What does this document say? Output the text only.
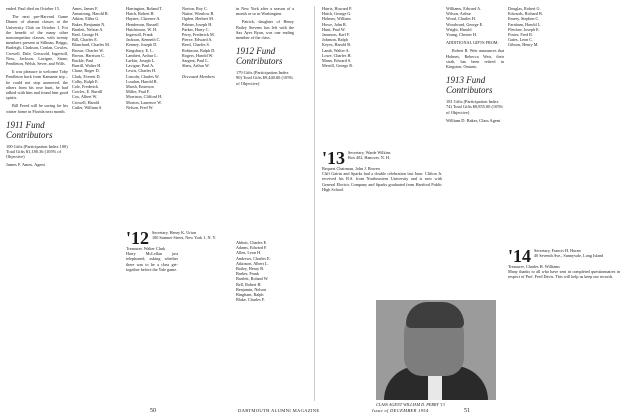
ended. Paul died on October 15.

The next pre-Harvard Game Dinner of alumni classes at the University Club on October 1. For the benefit of the many other noncompetitor classes, with twenty members present at Sillinan, Briggs, Burleigh, Clarkson, Conlan, Cowles, Crowell, Dale, Griswold, Ingersoll, Ness, Jackson, Lavigne, Stone, Pendleton, Welsh, Sever, and Wills.

It was pleasure to welcome Toby Pendleton back from Kamante trip – he could not stop unmoved, the others from his rose hunt, he had talked with him and found him good spirits.

Bill Freed will be saving for his winter home in Florida next month.

1911 Fund Contributors
100 Gifts (Participation Index 100) Total Gifts $1,180.36 (105% of Objective)
James F. Ames, Agent
Ames, James F.
Armstrong, Harold R.
Atkins, Elihu G.
Baker, Benjamin N.
Bartlett, Nelson A.
Beal, George H.
Bill, Charles E.
Blanchard, Charles M.
Brown, Charles W.
Brown, Harrison C.
Buckle, Paul
Burrill, Walter H.
Chase, Roger D.
Clark, Everett D.
Colby, Ralph E.
Cole, Frederick
Cowles, E. Burrill
Cox, Albert W.
Crowell, Harold
Cutler, William S.
Harrington, Roland T.
Hatch, Robert H.
Haynes, Clarence A.
Henderson, Russell
Hutchinson, W. H.
Ingersoll, Frank
Jackson, Kenneth C.
Kenney, Joseph D.
Kingsbury, E. L.
Lambert, Arthur L.
Larkin, Joseph L.
Lavigne, Paul A.
Lewis, Charles H.
Lincoln, Charles W.
Loudon, Harold B.
Marsh, Emerson
Miller, Paul F.
Morrison, Clifford H.
Morton, Laurence W.
Nelson, Fred W.
'12 Secretary, Henry K. Urion
100 Sumner Street, New York 1, N. Y.
Treasurer, Walter Clark

Harry McLellan just telephoned, asking whether there was to be a class get-together before the Yale game.

Norton, Roy C.
Nutter, Winslow B.
Ogden, Herbert M.
Palmer, Joseph H.
Parker, Harry C.
Perry, Frederick M.
Pierce, Edward A.
Reed, Charles S.
Robinson, Ralph D.
Rogers, Harold W.
Sargent, Paul L.
Shaw, Arthur W.
Deceased Members

in New York after a season of a month or so in Washington.

Patrick, daughter of Henry Bailey Stevens has left with the Sax Ayer Ryan, was one ending member of the class.

1912 Fund Contributors
179 Gifts (Participation Index 90) Total Gifts $9,440.00 (105% of Objective)
Abbott, Charles E.
Adams, Edward F.
Allen, Leon H.
Andrews, Charles E.
Atkinson, Albert L.
Bailey, Henry B.
Barker, Frank
Bartlett, Roland W.
Bell, Robert H.
Benjamin, Nelson
Bingham, Ralph
Blake, Charles F.
Harris, Howard P.
Hatch, George G.
Holmes, William
Howe, John R.
Hunt, Paul W.
Jameson, Karl F.
Johnson, Ralph
Keyes, Harold B.
Lamb, Walter A.
Lowe, Charles H.
Mann, Edward S.
Merrill, George R.
'13 Secretary, Warde Wilkins
Box 402, Hanover, N. H.
Bequest Chairman, John J. Bowen

Cliff Gairin and Sparks had a double celebration last June. Clifton Jr. received his B.S. from Northeastern University and is now with General Electric Company and Sparks graduated from Hartford Public High School.

Williams, Edward A.
Wilson, Arthur
Wood, Charles H.
Woodward, George E.
Wright, Harold
Young, Chester H.
ADDITIONAL GIFTS FROM:

Robert R. Weir announces that Holmes, Rebecca Weir, their sixth, has been retired in Kingston, Ontario.

1913 Fund Contributors
181 Gifts (Participation Index 74) Total Gifts $8,855.00 (105% of Objective)
William D. Baker, Class Agent
Douglas, Robert G.
Edwards, Richard B.
Emery, Stephen C.
Farnham, Harold L.
Fletcher, Joseph E.
Foster, Fred R.
Gates, Leon C.
Gibson, Henry M.
'14 Secretary, Francis H. Horan
40 Seventh Ave., Sunnyvale, Long Island
Treasurer, Charles H. Williams

Many thanks to all who have sent in completed questionnaires in respect of Prof. Fred Davis. This will help us keep our records.

CLASS AGENT WILLIAM D. PERRY '13
50	DARTMOUTH ALUMNI MAGAZINE	Issue of DECEMBER 1954	51
